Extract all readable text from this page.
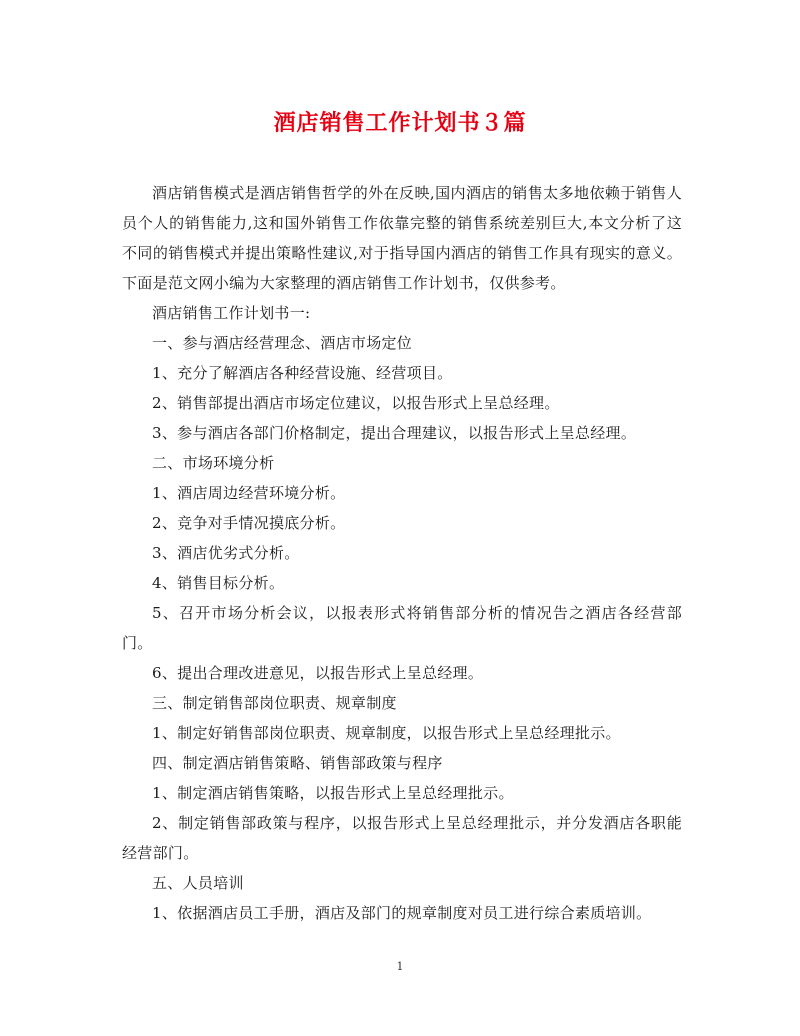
酒店销售工作计划书３篇

酒店销售模式是酒店销售哲学的外在反映,国内酒店的销售太多地依赖于销售人员个人的销售能力,这和国外销售工作依靠完整的销售系统差别巨大,本文分析了这不同的销售模式并提出策略性建议,对于指导国内酒店的销售工作具有现实的意义。下面是范文网小编为大家整理的酒店销售工作计划书，仅供参考。

酒店销售工作计划书一:

一、参与酒店经营理念、酒店市场定位

1、充分了解酒店各种经营设施、经营项目。

2、销售部提出酒店市场定位建议，以报告形式上呈总经理。

3、参与酒店各部门价格制定，提出合理建议，以报告形式上呈总经理。

二、市场环境分析

1、酒店周边经营环境分析。

2、竞争对手情况摸底分析。

3、酒店优劣式分析。

4、销售目标分析。

5、召开市场分析会议，以报表形式将销售部分析的情况告之酒店各经营部门。

6、提出合理改进意见，以报告形式上呈总经理。

三、制定销售部岗位职责、规章制度

1、制定好销售部岗位职责、规章制度，以报告形式上呈总经理批示。

四、制定酒店销售策略、销售部政策与程序

1、制定酒店销售策略，以报告形式上呈总经理批示。

2、制定销售部政策与程序，以报告形式上呈总经理批示，并分发酒店各职能经营部门。

五、人员培训

1、依据酒店员工手册，酒店及部门的规章制度对员工进行综合素质培训。

1
